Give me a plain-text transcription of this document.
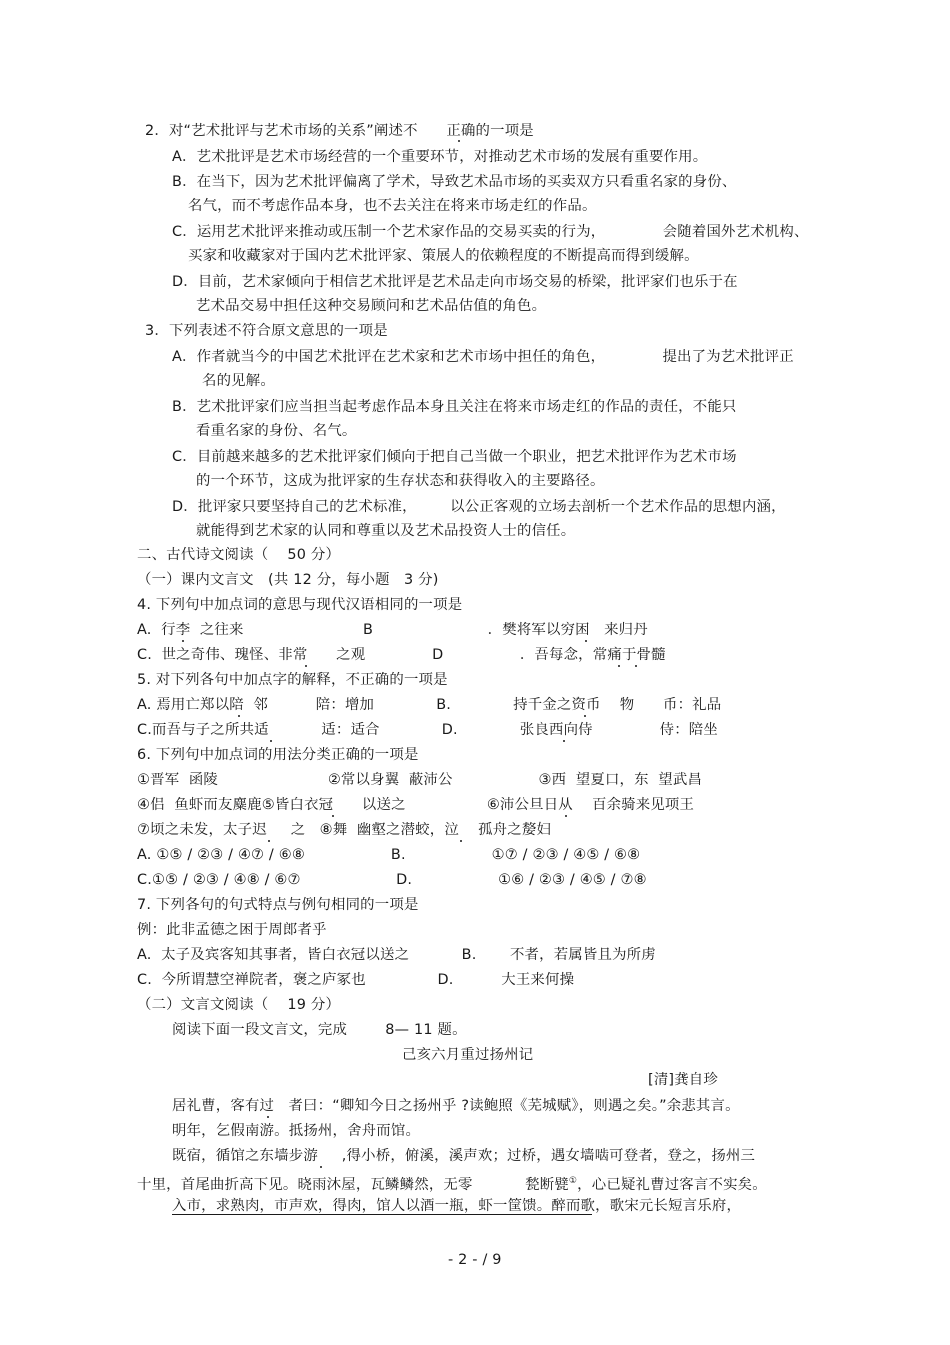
2．对“艺术批评与艺术市场的关系”阐述不      正确的一项是
A．艺术批评是艺术市场经营的一个重要环节，对推动艺术市场的发展有重要作用。
B．在当下，因为艺术批评偏离了学术，导致艺术品市场的买卖双方只看重名家的身份、
名气，而不考虑作品本身，也不去关注在将来市场走红的作品。
C．运用艺术批评来推动或压制一个艺术家作品的交易买卖的行为，            会随着国外艺术机构、
买家和收藏家对于国内艺术批评家、策展人的依赖程度的不断提高而得到缓解。
D．目前，艺术家倾向于相信艺术批评是艺术品走向市场交易的桥梁，批评家们也乐于在
艺术品交易中担任这种交易顾问和艺术品估值的角色。
3．下列表述不符合原文意思的一项是
A．作者就当今的中国艺术批评在艺术家和艺术市场中担任的角色，            提出了为艺术批评正
名的见解。
B．艺术批评家们应当担当起考虑作品本身且关注在将来市场走红的作品的责任，不能只
看重名家的身份、名气。
C．目前越来越多的艺术批评家们倾向于把自己当做一个职业，把艺术批评作为艺术市场
的一个环节，这成为批评家的生存状态和获得收入的主要路径。
D．批评家只要坚持自己的艺术标准，       以公正客观的立场去剖析一个艺术作品的思想内涵，
就能得到艺术家的认同和尊重以及艺术品投资人士的信任。
二、古代诗文阅读（    50 分）
（一）课内文言文   (共 12 分，每小题   3 分)
4. 下列句中加点词的意思与现代汉语相同的一项是
A.  行李  之往来                         B                        ．樊将军以穷困   来归丹
C.  世之奇伟、瑰怪、非常      之观              D                ．吾每念，常痛于骨髓
5. 对下列各句中加点字的解释，不正确的一项是
A. 焉用亡郑以陪  邻          陪：增加             B.             持千金之资币    物      币：礼品
C.而吾与子之所共适           适：适合             D.             张良西向侍              侍：陪坐
6. 下列句中加点词的用法分类正确的一项是
①晋军  函陵                       ②常以身翼  蔽沛公                  ③西  望夏口，东  望武昌
④侣  鱼虾而友麋鹿⑤皆白衣冠      以送之                 ⑥沛公旦日从    百余骑来见项王
⑦顷之未发，太子迟     之   ⑧舞  幽壑之潜蛟，泣    孤舟之嫠妇
A. ①⑤ / ②③ / ④⑦ / ⑥⑧                  B.                  ①⑦ / ②③ / ④⑤ / ⑥⑧
C.①⑤ / ②③ / ④⑧ / ⑥⑦                    D.                  ①⑥ / ②③ / ④⑤ / ⑦⑧
7. 下列各句的句式特点与例句相同的一项是
例：此非孟德之困于周郎者乎
A.  太子及宾客知其事者，皆白衣冠以送之           B.       不者，若属皆且为所虏
C.  今所谓慧空禅院者，褒之庐冢也               D.          大王来何操
（二）文言文阅读（    19 分）
阅读下面一段文言文，完成        8— 11 题。
己亥六月重过扬州记
[清]龚自珍
居礼曹，客有过   者曰：“卿知今日之扬州乎 ?读鲍照《芜城赋》，则遇之矣。”余悲其言。
明年，乞假南游。抵扬州，舍舟而馆。
既宿，循馆之东墙步游     ,得小桥，俯溪，溪声欢；过桥，遇女墙啮可登者，登之，扬州三
十里，首尾曲折高下见。晓雨沐屋，瓦鳞鳞然，无零           甃断甓①，心已疑礼曹过客言不实矣。
入市，求熟肉，市声欢，得肉，馆人以酒一瓶，虾一筐馈。醉而歌，歌宋元长短言乐府，
- 2 - / 9
